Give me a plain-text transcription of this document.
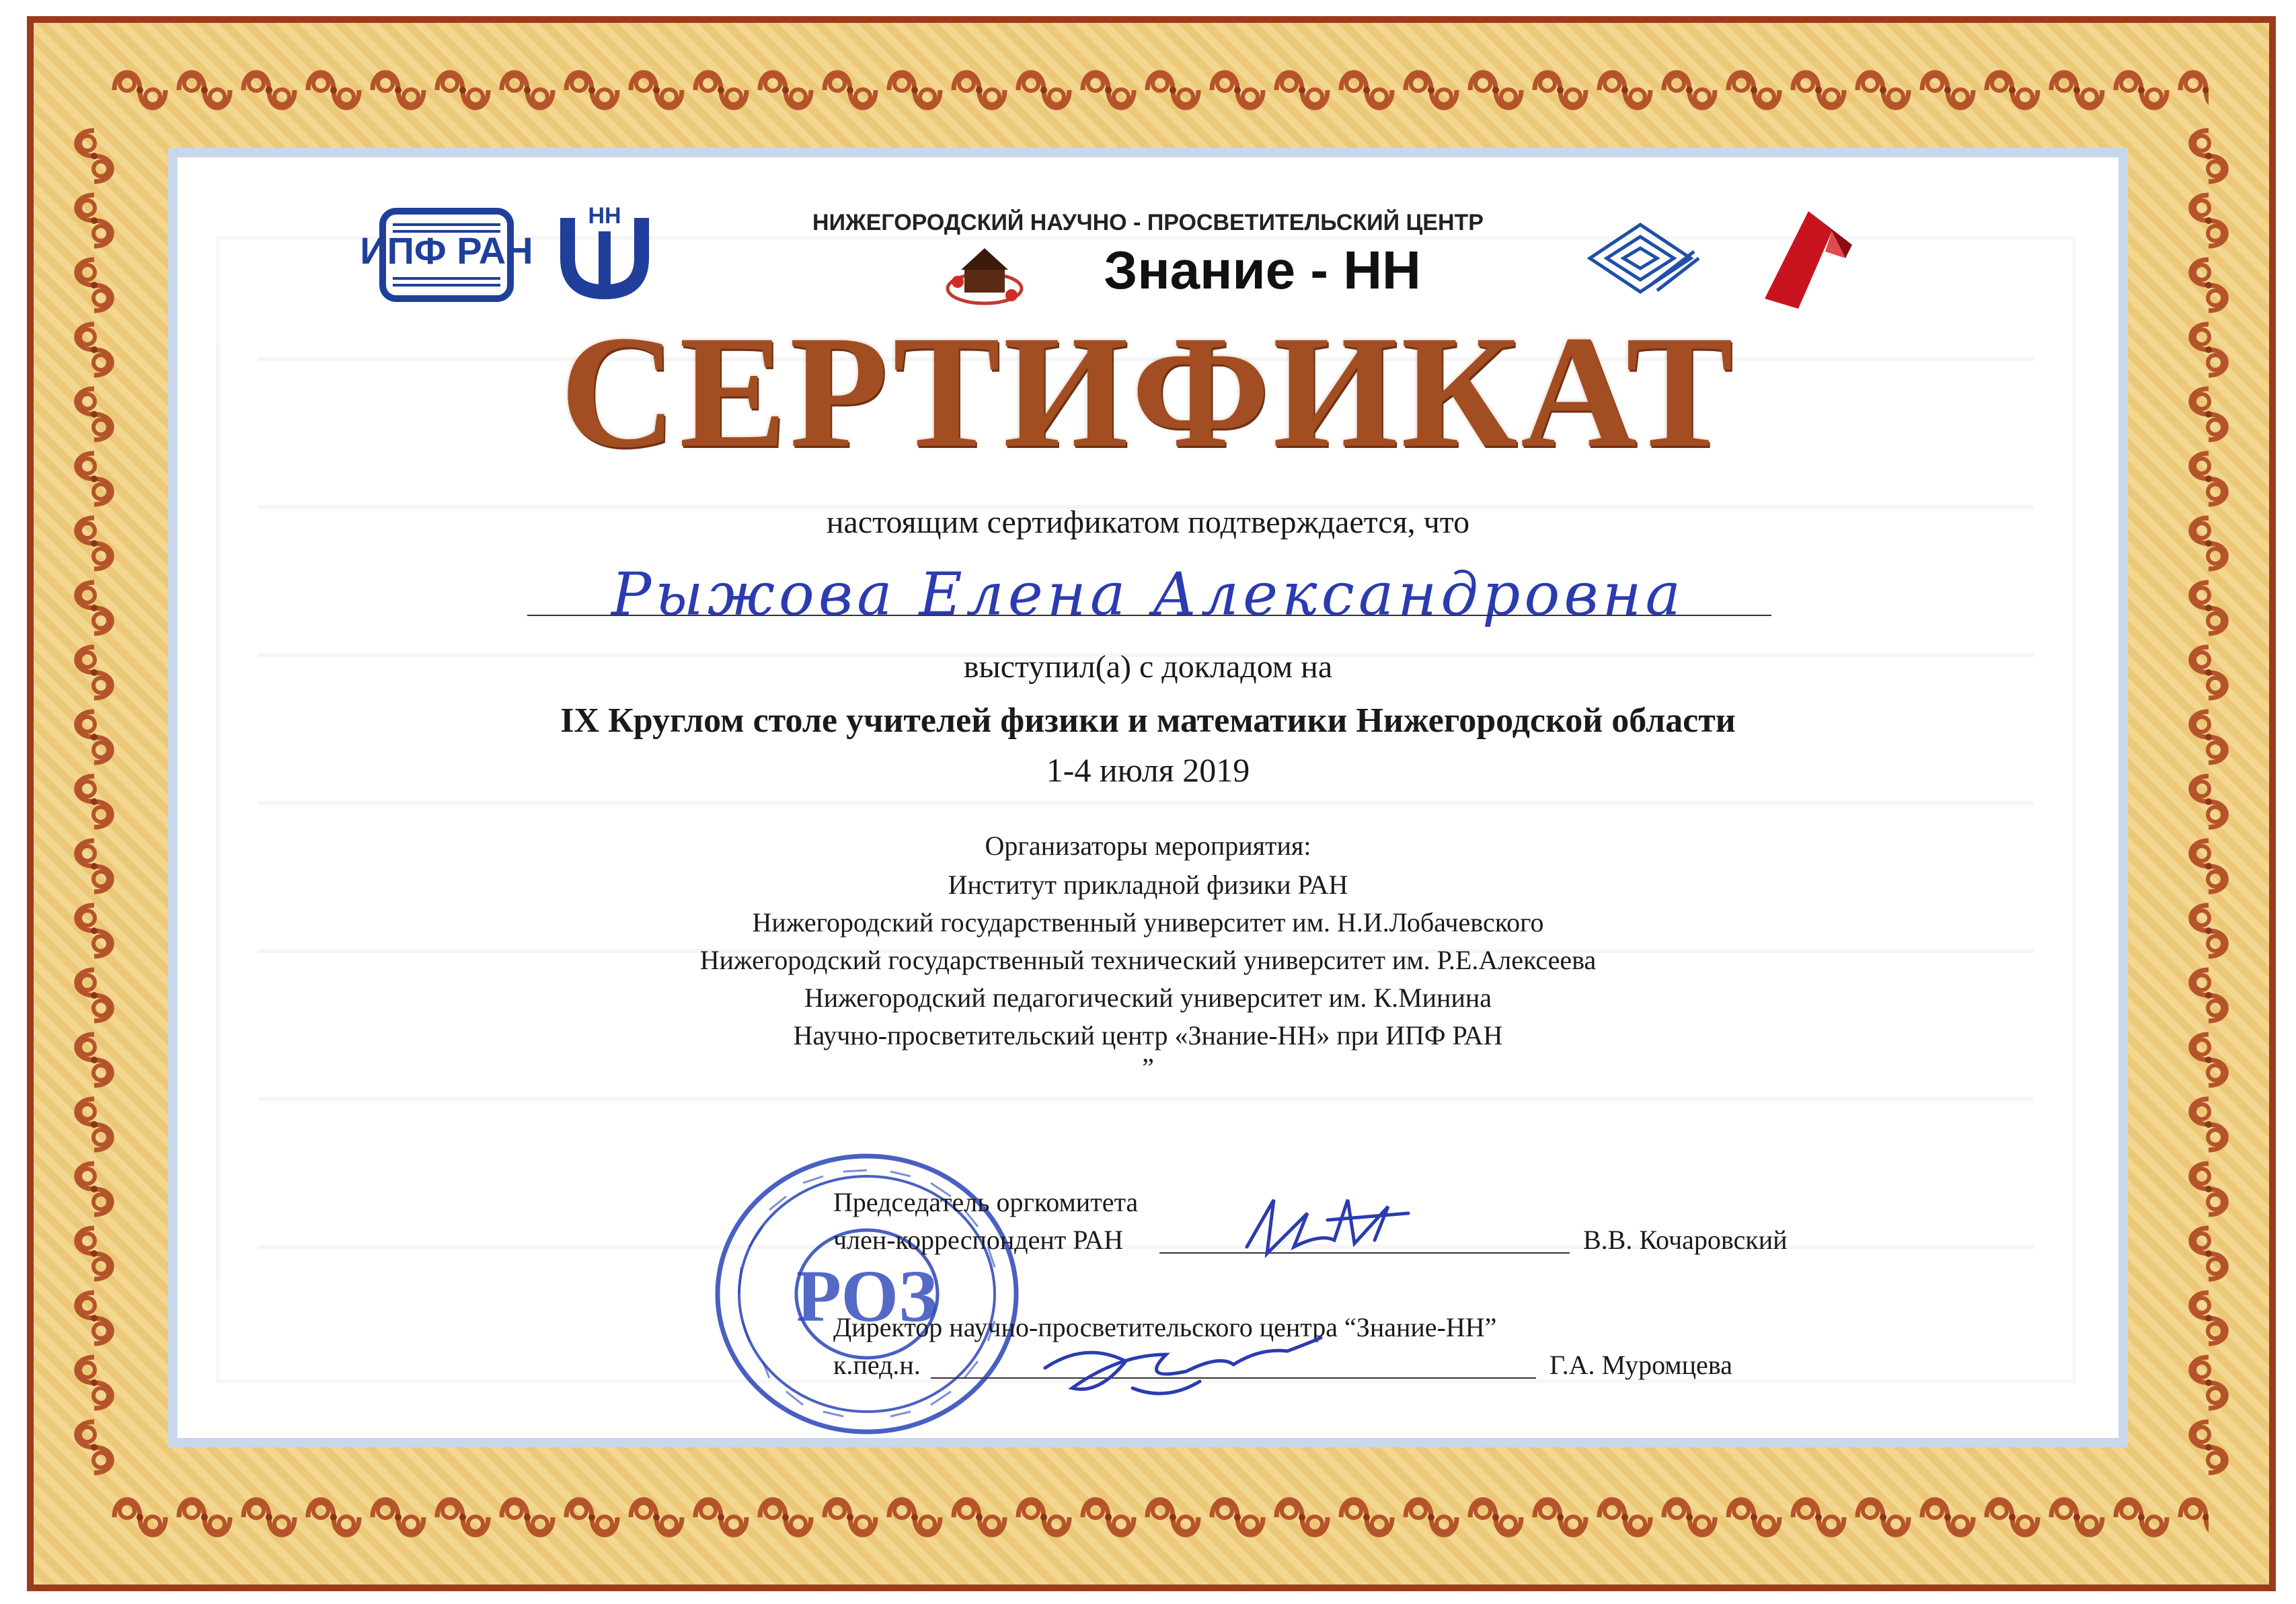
ИПФ РАН
НН	НИЖЕГОРОДСКИЙ НАУЧНО - ПРОСВЕТИТЕЛЬСКИЙ ЦЕНТР
Знание - НН
СЕРТИФИКАТ
настоящим сертификатом подтверждается, что
Рыжова Елена Александровна
выступил(а) с докладом на
IX Круглом столе учителей физики и математики Нижегородской области
1-4 июля 2019
Организаторы мероприятия:
Институт прикладной физики РАН
Нижегородский государственный университет им. Н.И.Лобачевского
Нижегородский государственный технический университет им. Р.Е.Алексеева
Нижегородский педагогический университет им. К.Минина
Научно-просветительский центр «Знание-НН» при ИПФ РАН
”
РОЗ
Председатель оргкомитета
член-корреспондент РАН	В.В. Кочаровский
Директор научно-просветительского центра “Знание-НН”
к.пед.н.	Г.А. Муромцева
